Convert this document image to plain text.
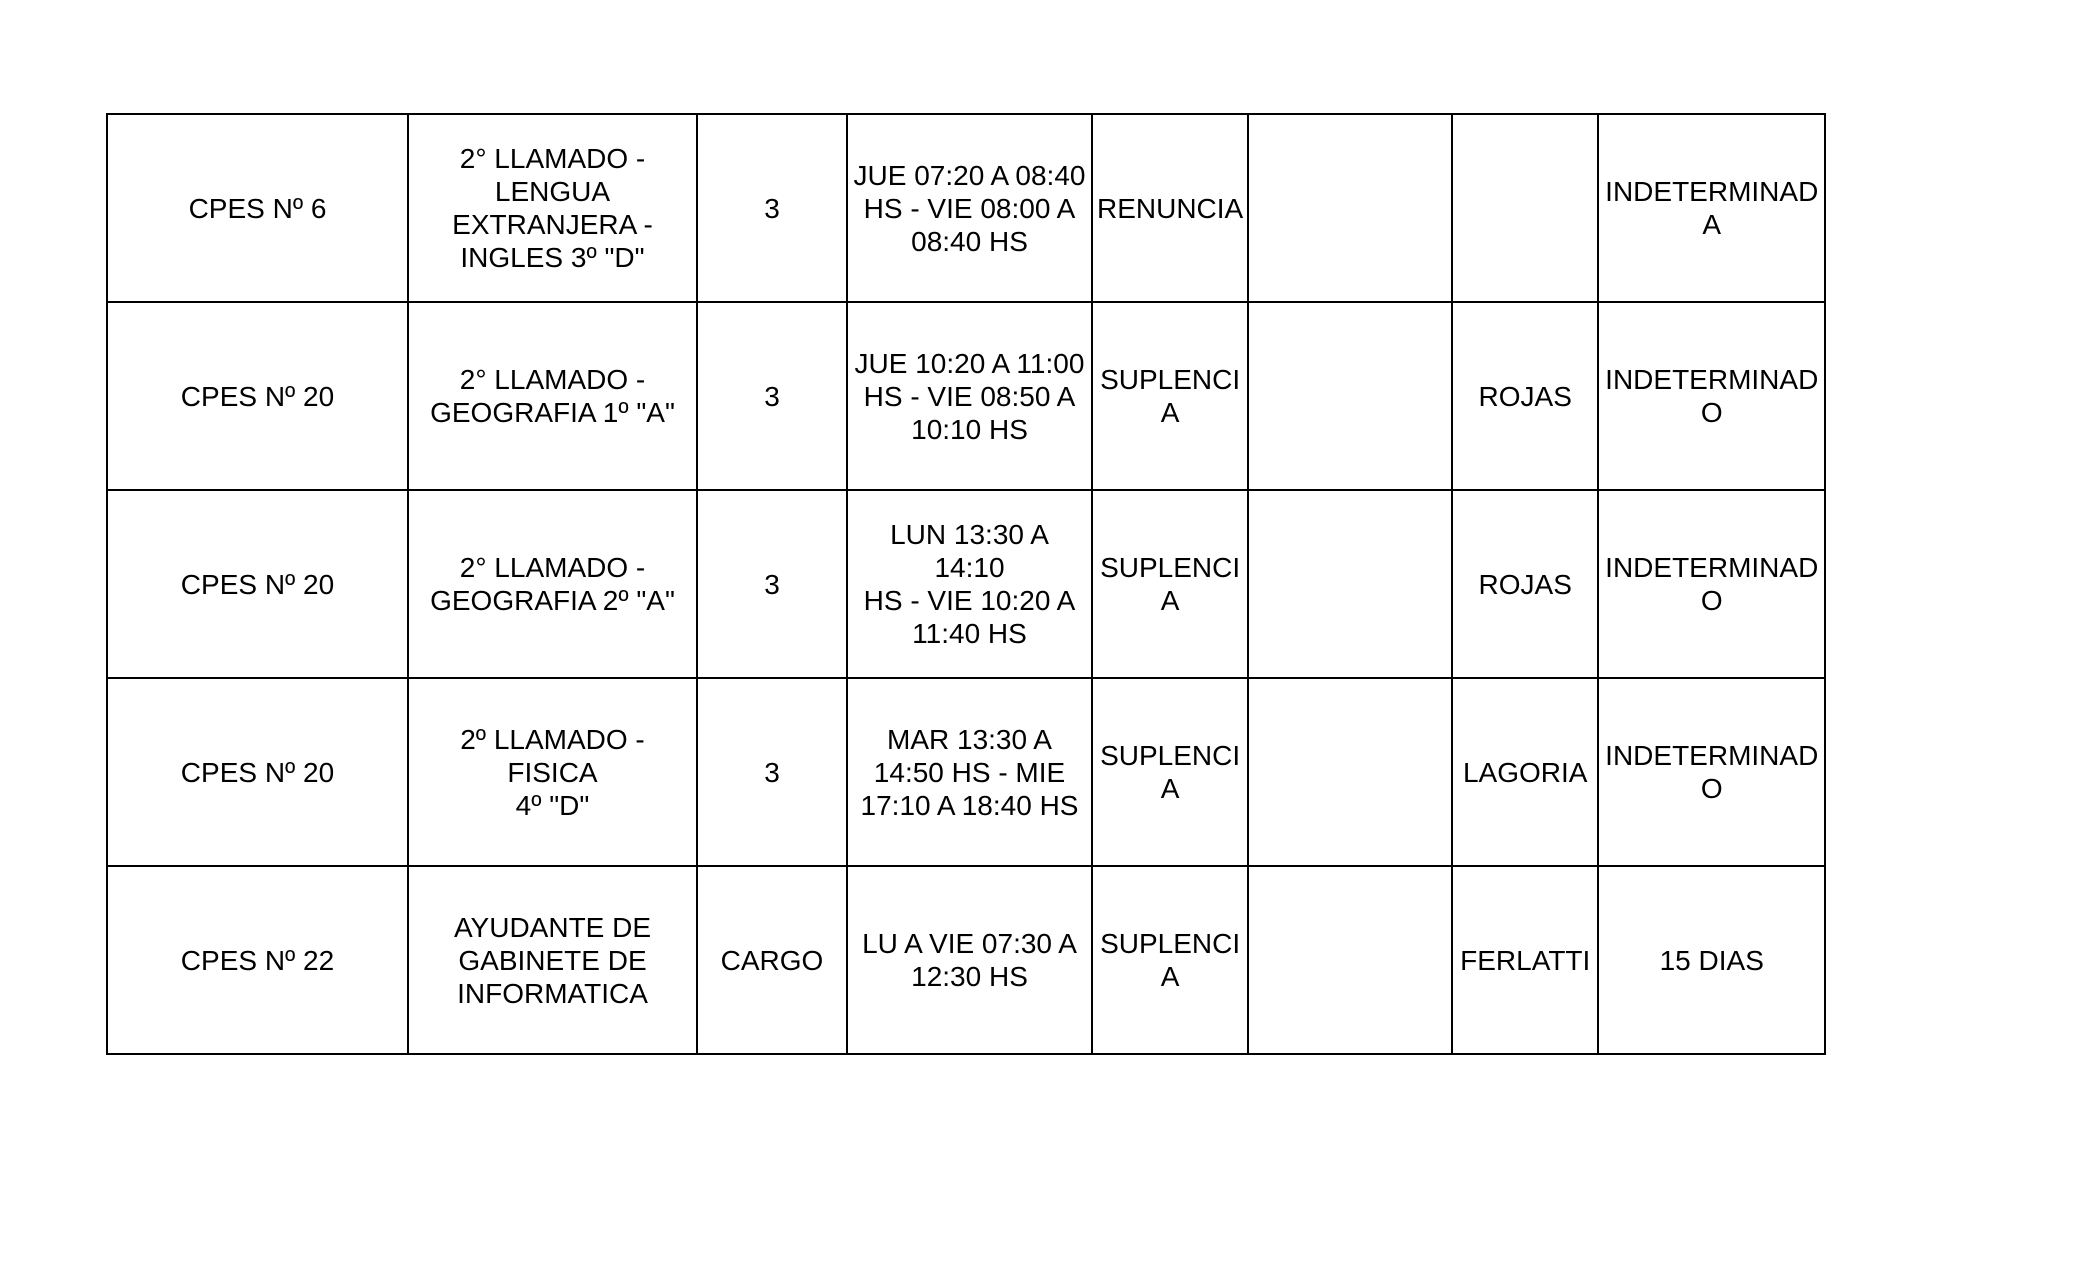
CPES Nº 6	2° LLAMADO -
LENGUA
EXTRANJERA -
INGLES 3º "D"	3	JUE 07:20 A 08:40
HS - VIE 08:00 A
08:40 HS	RENUNCIA			INDETERMINAD
A

CPES Nº 20	2° LLAMADO -
GEOGRAFIA 1º "A"	3	JUE 10:20 A 11:00
HS - VIE 08:50 A
10:10 HS	SUPLENCI
A		ROJAS	INDETERMINAD
O

CPES Nº 20	2° LLAMADO -
GEOGRAFIA 2º "A"	3	LUN 13:30 A 14:10
HS - VIE 10:20 A
11:40 HS	SUPLENCI
A		ROJAS	INDETERMINAD
O

CPES Nº 20	2º LLAMADO - FISICA
4º "D"	3	MAR 13:30 A
14:50 HS - MIE
17:10 A 18:40 HS	SUPLENCI
A		LAGORIA	INDETERMINAD
O

CPES Nº 22	AYUDANTE DE
GABINETE DE
INFORMATICA	CARGO	LU A VIE 07:30 A
12:30 HS	SUPLENCI
A		FERLATTI	15 DIAS
